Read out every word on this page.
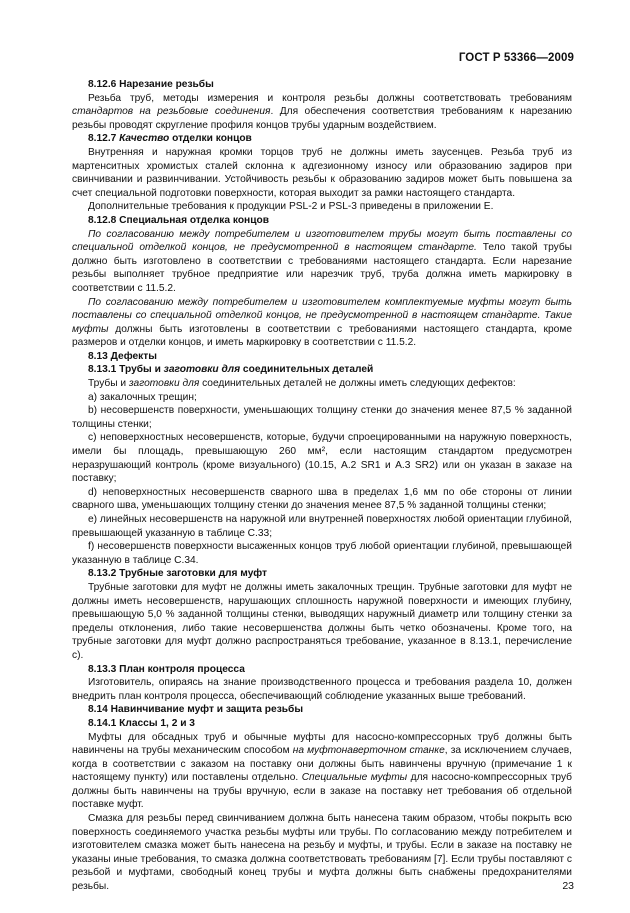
ГОСТ Р 53366—2009

8.12.6 Нарезание резьбы

Резьба труб, методы измерения и контроля резьбы должны соответствовать требованиям стандартов на резьбовые соединения. Для обеспечения соответствия требованиям к нарезанию резьбы проводят скругление профиля концов трубы ударным воздействием.

8.12.7 Качество отделки концов

Внутренняя и наружная кромки торцов труб не должны иметь заусенцев. Резьба труб из мартенситных хромистых сталей склонна к адгезионному износу или образованию задиров при свинчивании и развинчивании. Устойчивость резьбы к образованию задиров может быть повышена за счет специальной подготовки поверхности, которая выходит за рамки настоящего стандарта.

Дополнительные требования к продукции PSL-2 и PSL-3 приведены в приложении Е.

8.12.8 Специальная отделка концов

По согласованию между потребителем и изготовителем трубы могут быть поставлены со специальной отделкой концов, не предусмотренной в настоящем стандарте. Тело такой трубы должно быть изготовлено в соответствии с требованиями настоящего стандарта. Если нарезание резьбы выполняет трубное предприятие или нарезчик труб, труба должна иметь маркировку в соответствии с 11.5.2.

По согласованию между потребителем и изготовителем комплектуемые муфты могут быть поставлены со специальной отделкой концов, не предусмотренной в настоящем стандарте. Такие муфты должны быть изготовлены в соответствии с требованиями настоящего стандарта, кроме размеров и отделки концов, и иметь маркировку в соответствии с 11.5.2.

8.13 Дефекты

8.13.1 Трубы и заготовки для соединительных деталей

Трубы и заготовки для соединительных деталей не должны иметь следующих дефектов:

a) закалочных трещин;

b) несовершенств поверхности, уменьшающих толщину стенки до значения менее 87,5 % заданной толщины стенки;

c) неповерхностных несовершенств, которые, будучи спроецированными на наружную поверхность, имели бы площадь, превышающую 260 мм², если настоящим стандартом предусмотрен неразрушающий контроль (кроме визуального) (10.15, А.2 SR1 и А.3 SR2) или он указан в заказе на поставку;

d) неповерхностных несовершенств сварного шва в пределах 1,6 мм по обе стороны от линии сварного шва, уменьшающих толщину стенки до значения менее 87,5 % заданной толщины стенки;

e) линейных несовершенств на наружной или внутренней поверхностях любой ориентации глубиной, превышающей указанную в таблице С.33;

f) несовершенств поверхности высаженных концов труб любой ориентации глубиной, превышающей указанную в таблице С.34.

8.13.2 Трубные заготовки для муфт

Трубные заготовки для муфт не должны иметь закалочных трещин. Трубные заготовки для муфт не должны иметь несовершенств, нарушающих сплошность наружной поверхности и имеющих глубину, превышающую 5,0 % заданной толщины стенки, выводящих наружный диаметр или толщину стенки за пределы отклонения, либо такие несовершенства должны быть четко обозначены. Кроме того, на трубные заготовки для муфт должно распространяться требование, указанное в 8.13.1, перечисление c).

8.13.3 План контроля процесса

Изготовитель, опираясь на знание производственного процесса и требования раздела 10, должен внедрить план контроля процесса, обеспечивающий соблюдение указанных выше требований.

8.14 Навинчивание муфт и защита резьбы

8.14.1 Классы 1, 2 и 3

Муфты для обсадных труб и обычные муфты для насосно-компрессорных труб должны быть навинчены на трубы механическим способом на муфтонаверточном станке, за исключением случаев, когда в соответствии с заказом на поставку они должны быть навинчены вручную (примечание 1 к настоящему пункту) или поставлены отдельно. Специальные муфты для насосно-компрессорных труб должны быть навинчены на трубы вручную, если в заказе на поставку нет требования об отдельной поставке муфт.

Смазка для резьбы перед свинчиванием должна быть нанесена таким образом, чтобы покрыть всю поверхность соединяемого участка резьбы муфты или трубы. По согласованию между потребителем и изготовителем смазка может быть нанесена на резьбу и муфты, и трубы. Если в заказе на поставку не указаны иные требования, то смазка должна соответствовать требованиям [7]. Если трубы поставляют с резьбой и муфтами, свободный конец трубы и муфта должны быть снабжены предохранителями резьбы.	23
